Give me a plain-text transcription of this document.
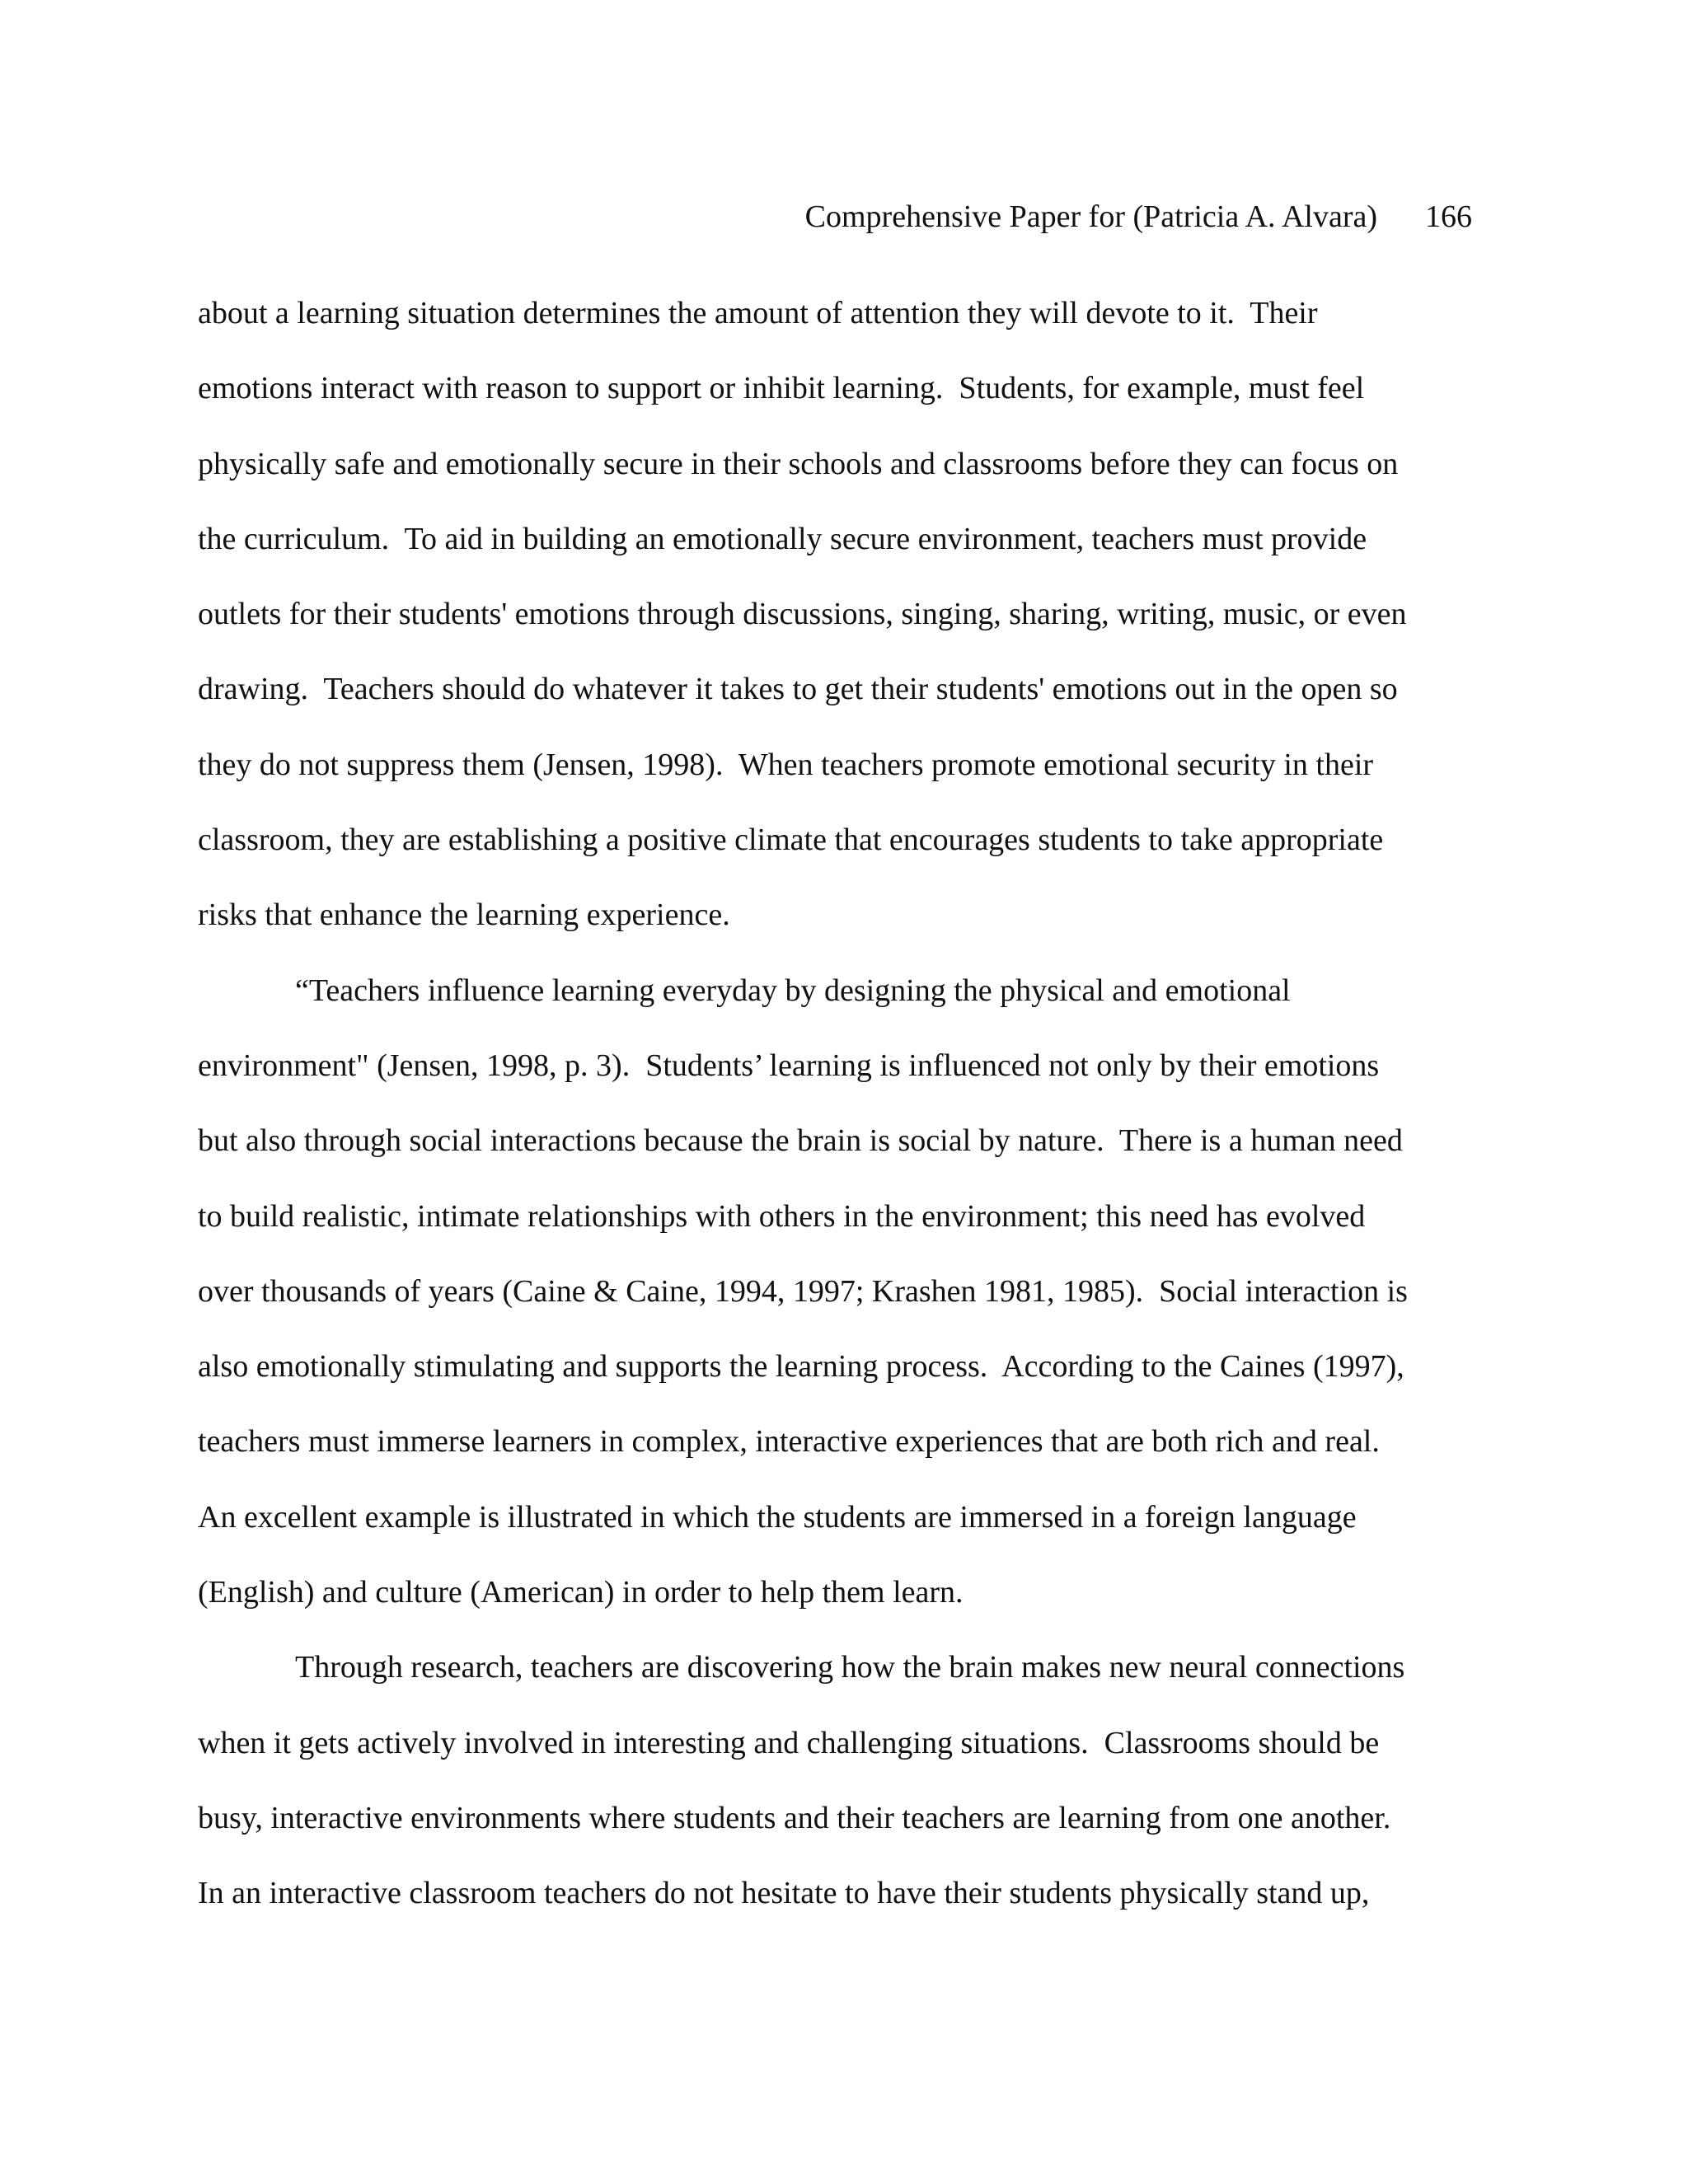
Comprehensive Paper for (Patricia A. Alvara) 166
about a learning situation determines the amount of attention they will devote to it.  Their
emotions interact with reason to support or inhibit learning.  Students, for example, must feel
physically safe and emotionally secure in their schools and classrooms before they can focus on
the curriculum.  To aid in building an emotionally secure environment, teachers must provide
outlets for their students' emotions through discussions, singing, sharing, writing, music, or even
drawing.  Teachers should do whatever it takes to get their students' emotions out in the open so
they do not suppress them (Jensen, 1998).  When teachers promote emotional security in their
classroom, they are establishing a positive climate that encourages students to take appropriate
risks that enhance the learning experience.
“Teachers influence learning everyday by designing the physical and emotional
environment" (Jensen, 1998, p. 3).  Students’ learning is influenced not only by their emotions
but also through social interactions because the brain is social by nature.  There is a human need
to build realistic, intimate relationships with others in the environment; this need has evolved
over thousands of years (Caine & Caine, 1994, 1997; Krashen 1981, 1985).  Social interaction is
also emotionally stimulating and supports the learning process.  According to the Caines (1997),
teachers must immerse learners in complex, interactive experiences that are both rich and real.
An excellent example is illustrated in which the students are immersed in a foreign language
(English) and culture (American) in order to help them learn.
Through research, teachers are discovering how the brain makes new neural connections
when it gets actively involved in interesting and challenging situations.  Classrooms should be
busy, interactive environments where students and their teachers are learning from one another.
In an interactive classroom teachers do not hesitate to have their students physically stand up,
